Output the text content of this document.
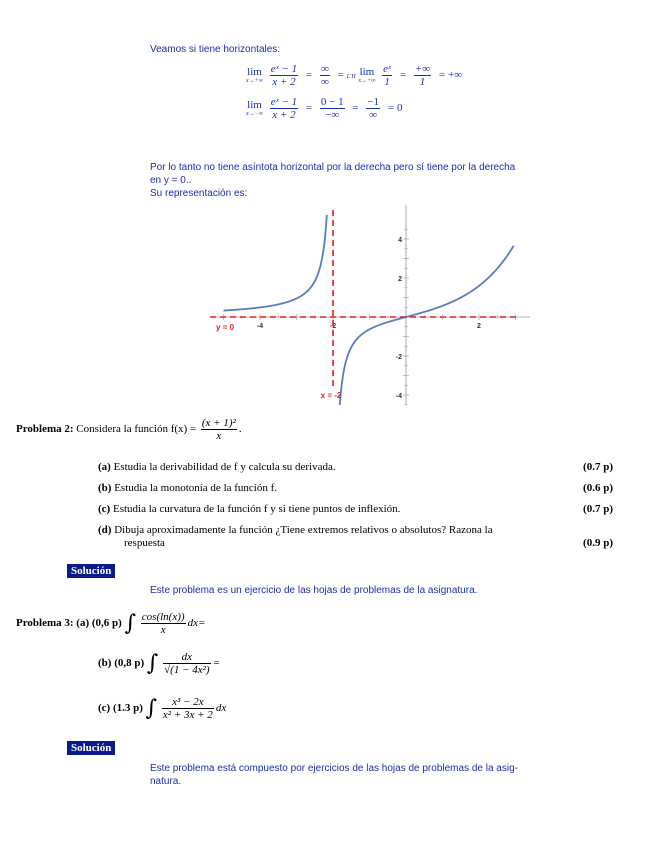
Veamos si tiene horizontales:
lim
x→+∞
$\frac{\text{eˣ − 1}}{x + 2} = \frac{\infty}{\infty} = L'H$ lim
x→+∞
$\frac{\text{eˣ}}{1} = \frac{+\infty}{1}$ = +∞
lim
x→−∞
$\frac{\text{eˣ − 1}}{x + 2} = \frac{0 - 1}{-\infty} = \frac{-1}{\infty} = 0$
Por lo tanto no tiene asíntota horizontal por la derecha pero sí tiene por la derecha
en y = 0..
Su representación es:
-4	-2	2
4
2
-2
-4
x = -2
y = 0
Problema 2: Considera la función $f(x) = \frac{\text{(x + 1)²}}{x}$ .
(a) Estudia la derivabilidad de f y calcula su derivada.	(0.7 p)
(b) Estudia la monotonía de la función f.	(0.6 p)
(c) Estudia la curvatura de la función f y si tiene puntos de inflexión.	(0.7 p)
(d) Dibuja aproximadamente la función ¿Tiene extremos relativos o absolutos? Razona la
respuesta	(0.9 p)
Solución
Este problema es un ejercicio de las hojas de problemas de la asignatura.
Problema 3: (a) (0,6 p) ∫ $\frac{\cos(\ln(x))}{x} dx=$
(b) (0,8 p) ∫ $\frac{dx}{\text{√(1 − 4x²)}}$ =
(c) (1.3 p) ∫ $\frac{\text{x³ − 2x}}{\text{x² + 3x + 2}}$ dx
Solución
Este problema está compuesto por ejercicios de las hojas de problemas de la asig-
natura.
